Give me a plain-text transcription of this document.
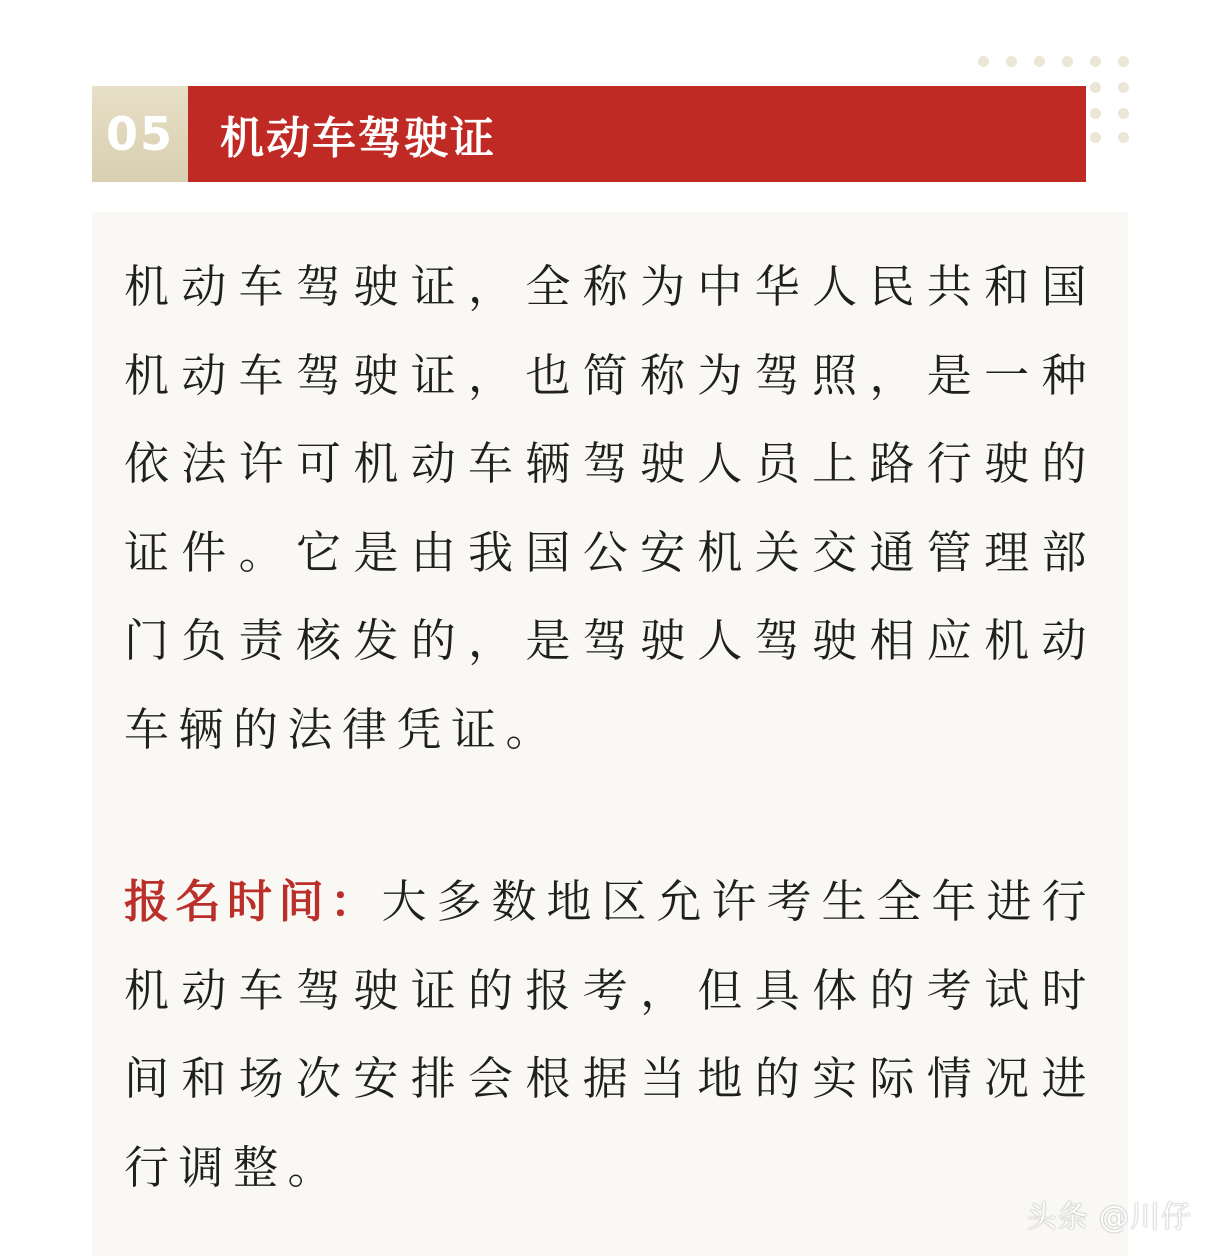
05 机动车驾驶证

机动车驾驶证，全称为中华人民共和国机动车驾驶证，也简称为驾照，是一种依法许可机动车辆驾驶人员上路行驶的证件。它是由我国公安机关交通管理部门负责核发的，是驾驶人驾驶相应机动车辆的法律凭证。

报名时间：大多数地区允许考生全年进行机动车驾驶证的报考，但具体的考试时间和场次安排会根据当地的实际情况进行调整。

头条 @川仔
